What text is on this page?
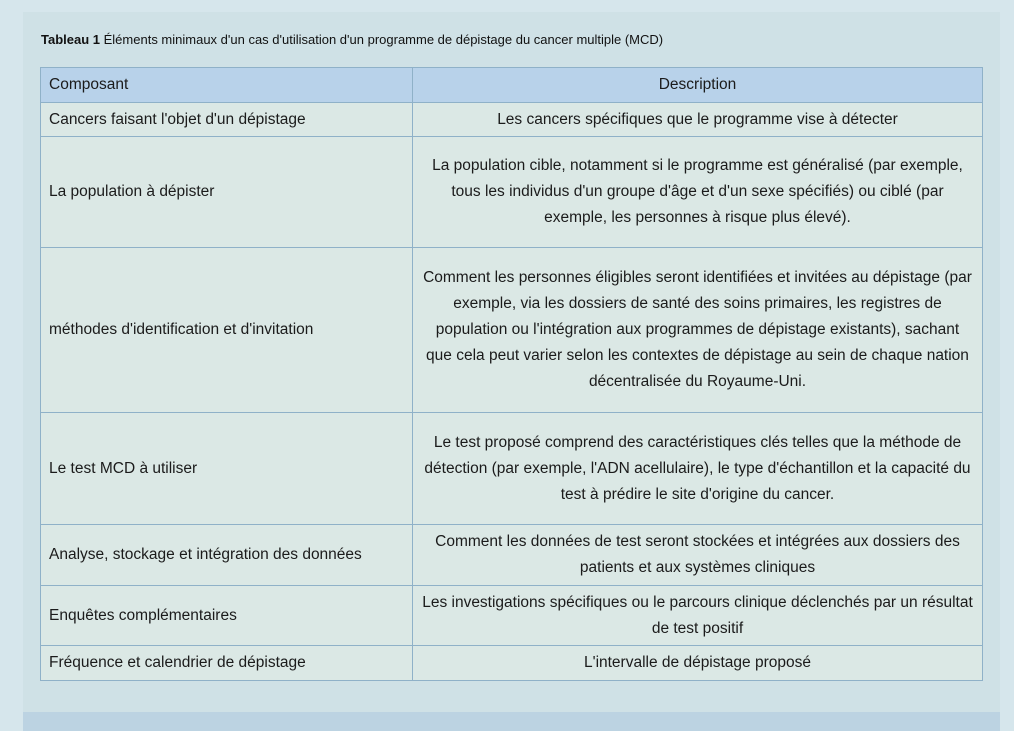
Tableau 1 Éléments minimaux d'un cas d'utilisation d'un programme de dépistage du cancer multiple (MCD)
Composant	Description
Cancers faisant l'objet d'un dépistage	Les cancers spécifiques que le programme vise à détecter
La population à dépister	La population cible, notamment si le programme est généralisé (par exemple, tous les individus d'un groupe d'âge et d'un sexe spécifiés) ou ciblé (par exemple, les personnes à risque plus élevé).
méthodes d'identification et d'invitation	Comment les personnes éligibles seront identifiées et invitées au dépistage (par exemple, via les dossiers de santé des soins primaires, les registres de population ou l'intégration aux programmes de dépistage existants), sachant que cela peut varier selon les contextes de dépistage au sein de chaque nation décentralisée du Royaume-Uni.
Le test MCD à utiliser	Le test proposé comprend des caractéristiques clés telles que la méthode de détection (par exemple, l'ADN acellulaire), le type d'échantillon et la capacité du test à prédire le site d'origine du cancer.
Analyse, stockage et intégration des données	Comment les données de test seront stockées et intégrées aux dossiers des patients et aux systèmes cliniques
Enquêtes complémentaires	Les investigations spécifiques ou le parcours clinique déclenchés par un résultat de test positif
Fréquence et calendrier de dépistage	L'intervalle de dépistage proposé
